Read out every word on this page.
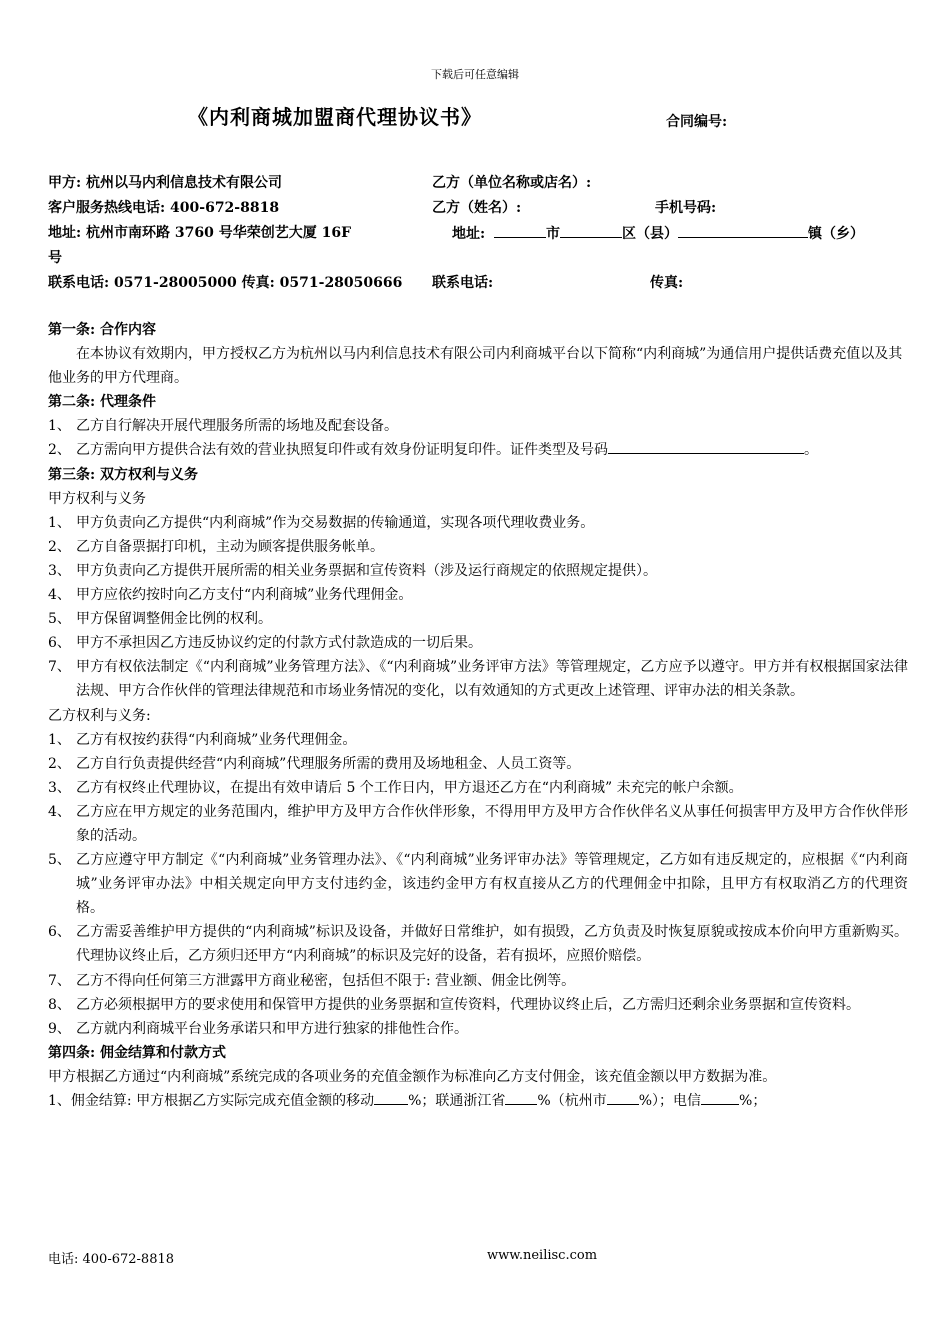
下载后可任意编辑
《内利商城加盟商代理协议书》	合同编号:
甲方: 杭州以马内利信息技术有限公司
客户服务热线电话: 400-672-8818
地址: 杭州市南环路 3760 号华荣创艺大厦 16F
号
联系电话: 0571-28005000 传真: 0571-28050666
乙方（单位名称或店名）:
乙方（姓名）:	手机号码:
地址:	市	区（县）	镇（乡）
联系电话:	传真:

第一条: 合作内容

在本协议有效期内，甲方授权乙方为杭州以马内利信息技术有限公司内利商城平台以下简称“内利商城”为通信用户提供话费充值以及其他业务的甲方代理商。

第二条: 代理条件

1、 乙方自行解决开展代理服务所需的场地及配套设备。
2、 乙方需向甲方提供合法有效的营业执照复印件或有效身份证明复印件。证件类型及号码	。

第三条: 双方权利与义务

甲方权利与义务

1、 甲方负责向乙方提供“内利商城”作为交易数据的传输通道，实现各项代理收费业务。
2、 乙方自备票据打印机，主动为顾客提供服务帐单。
3、 甲方负责向乙方提供开展所需的相关业务票据和宣传资料（涉及运行商规定的依照规定提供）。
4、 甲方应依约按时向乙方支付“内利商城”业务代理佣金。
5、 甲方保留调整佣金比例的权利。
6、 甲方不承担因乙方违反协议约定的付款方式付款造成的一切后果。
7、 甲方有权依法制定《“内利商城”业务管理方法》、《“内利商城”业务评审方法》等管理规定，乙方应予以遵守。甲方并有权根据国家法律法规、甲方合作伙伴的管理法律规范和市场业务情况的变化，以有效通知的方式更改上述管理、评审办法的相关条款。

乙方权利与义务:

1、 乙方有权按约获得“内利商城”业务代理佣金。
2、 乙方自行负责提供经营“内利商城”代理服务所需的费用及场地租金、人员工资等。
3、 乙方有权终止代理协议，在提出有效申请后 5 个工作日内，甲方退还乙方在“内利商城” 未充完的帐户余额。
4、 乙方应在甲方规定的业务范围内，维护甲方及甲方合作伙伴形象，不得用甲方及甲方合作伙伴名义从事任何损害甲方及甲方合作伙伴形象的活动。
5、 乙方应遵守甲方制定《“内利商城”业务管理办法》、《“内利商城”业务评审办法》等管理规定，乙方如有违反规定的，应根据《“内利商城”业务评审办法》中相关规定向甲方支付违约金，该违约金甲方有权直接从乙方的代理佣金中扣除，且甲方有权取消乙方的代理资格。
6、 乙方需妥善维护甲方提供的“内利商城”标识及设备，并做好日常维护，如有损毁，乙方负责及时恢复原貌或按成本价向甲方重新购买。代理协议终止后，乙方须归还甲方“内利商城”的标识及完好的设备，若有损坏，应照价赔偿。
7、 乙方不得向任何第三方泄露甲方商业秘密，包括但不限于: 营业额、佣金比例等。
8、 乙方必须根据甲方的要求使用和保管甲方提供的业务票据和宣传资料，代理协议终止后，乙方需归还剩余业务票据和宣传资料。
9、 乙方就内利商城平台业务承诺只和甲方进行独家的排他性合作。

第四条: 佣金结算和付款方式

甲方根据乙方通过“内利商城”系统完成的各项业务的充值金额作为标准向乙方支付佣金，该充值金额以甲方数据为准。

1、佣金结算: 甲方根据乙方实际完成充值金额的移动 %；联通浙江省 %（杭州市 %）；电信	%；

电话: 400-672-8818	www.neilisc.com
